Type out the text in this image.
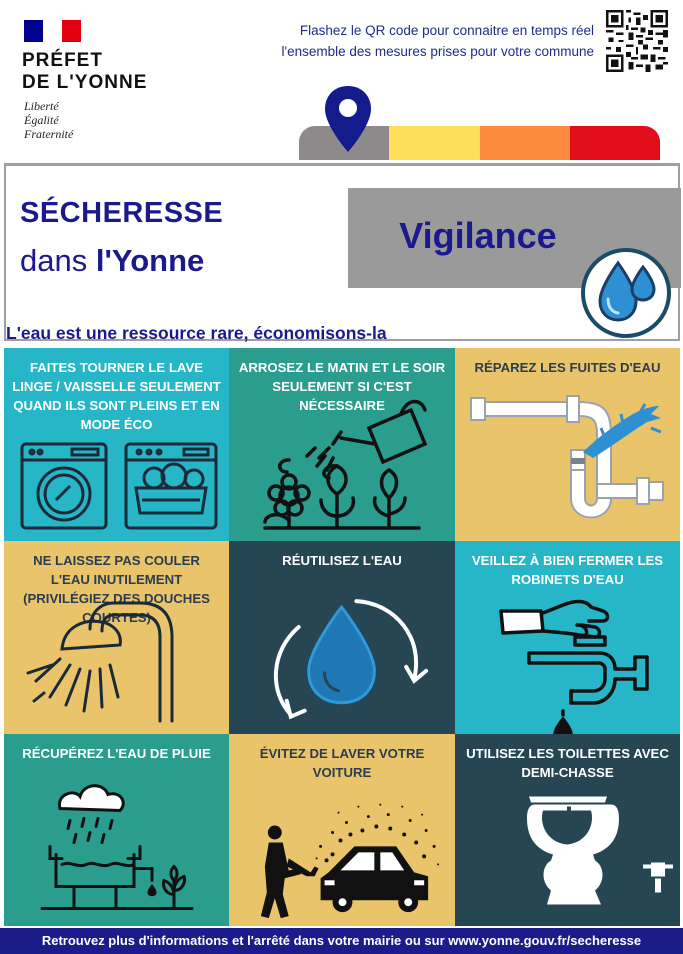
PRÉFET
DE L'YONNE
Liberté
Égalité
Fraternité
Flashez le QR code pour connaitre en temps réel
l'ensemble des mesures prises pour votre commune
SÉCHERESSE
dans l'Yonne
Vigilance
L'eau est une ressource rare, économisons-la
FAITES TOURNER LE LAVE LINGE / VAISSELLE SEULEMENT QUAND ILS SONT PLEINS ET EN MODE ÉCO
ARROSEZ LE MATIN ET LE SOIR SEULEMENT SI C'EST NÉCESSAIRE
RÉPAREZ LES FUITES D'EAU
NE LAISSEZ PAS COULER L'EAU INUTILEMENT (PRIVILÉGIEZ DES DOUCHES COURTES)
RÉUTILISEZ L'EAU	VEILLEZ À BIEN FERMER LES ROBINETS D'EAU
RÉCUPÉREZ L'EAU DE PLUIE	ÉVITEZ DE LAVER VOTRE VOITURE
UTILISEZ LES TOILETTES AVEC DEMI-CHASSE
Retrouvez plus d'informations et l'arrêté dans votre mairie ou sur www.yonne.gouv.fr/secheresse
